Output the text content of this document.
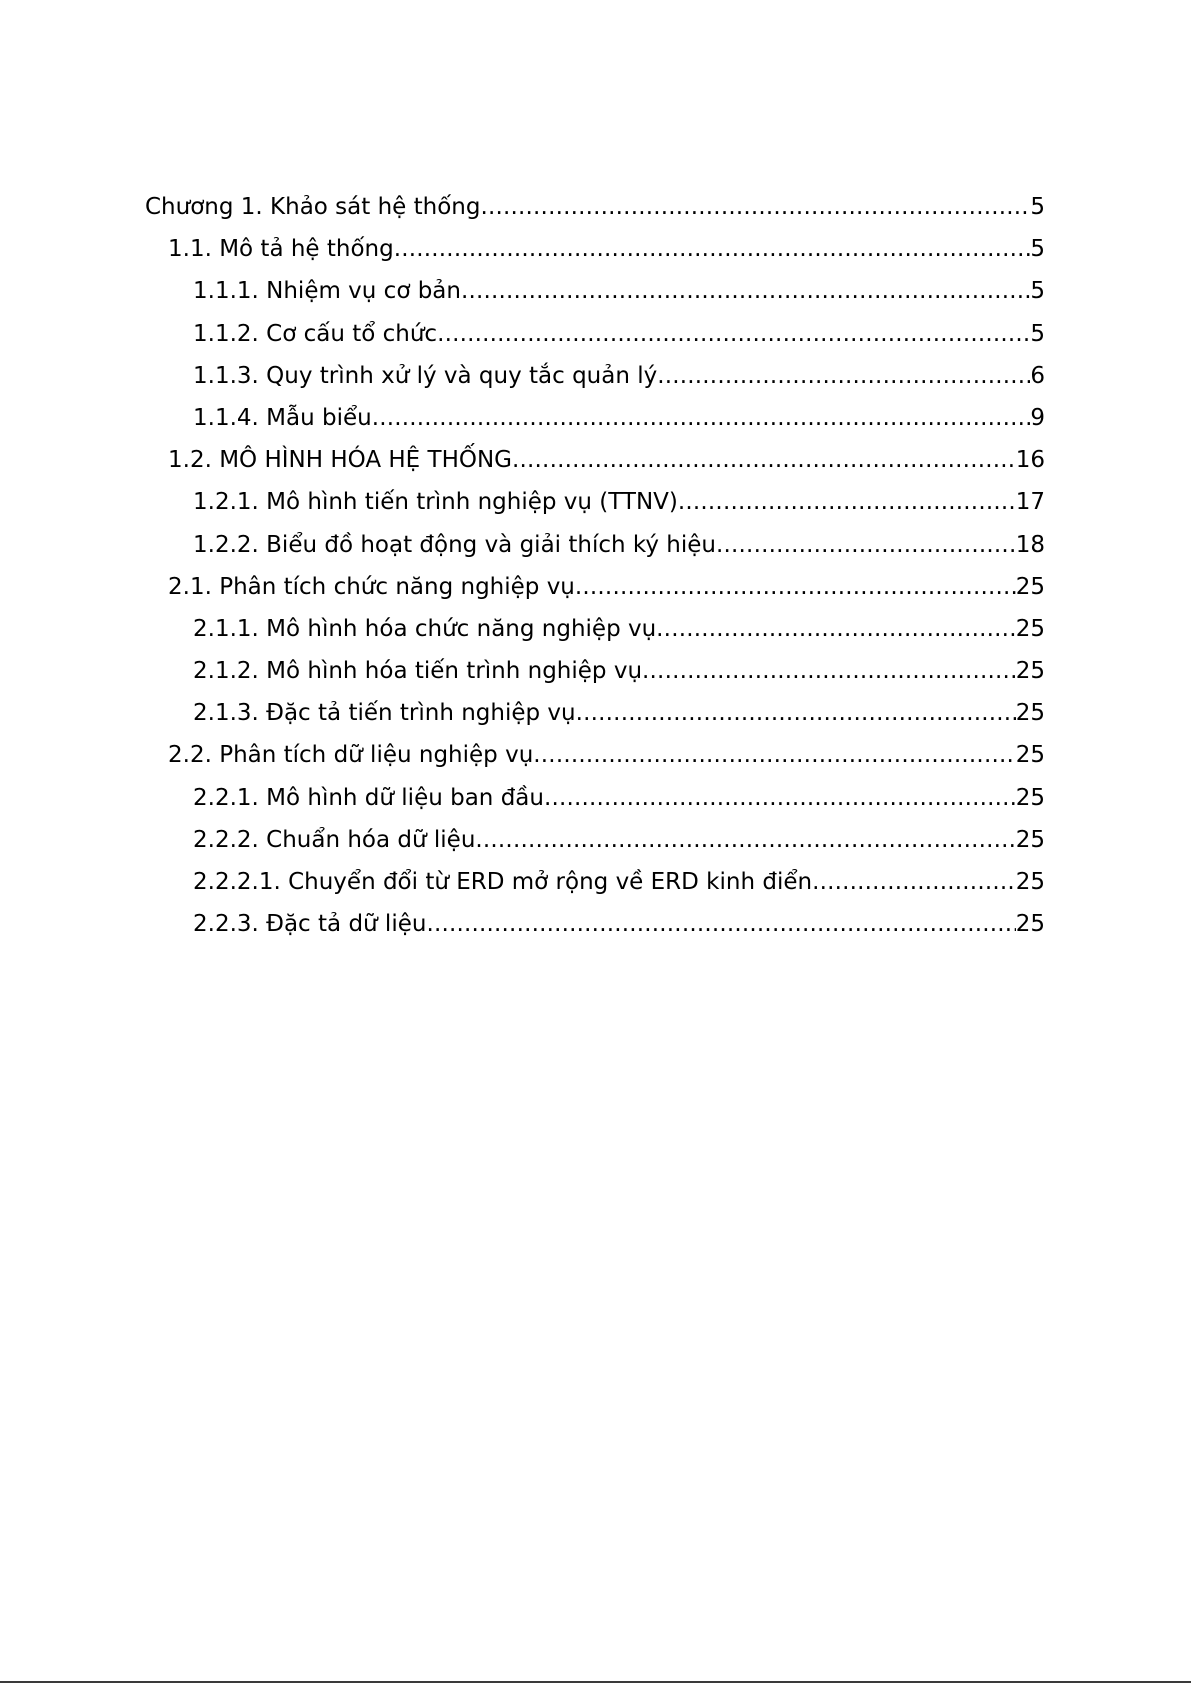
Chương 1. Khảo sát hệ thống .....	5
1.1. Mô tả hệ thống .....	5
1.1.1. Nhiệm vụ cơ bản .....	5
1.1.2. Cơ cấu tổ chức .....	5
1.1.3. Quy trình xử lý và quy tắc quản lý .....	6
1.1.4. Mẫu biểu .....	9
1.2. MÔ HÌNH HÓA HỆ THỐNG .....	16
1.2.1. Mô hình tiến trình nghiệp vụ (TTNV) .....	17
1.2.2. Biểu đồ hoạt động và giải thích ký hiệu .....	18
2.1. Phân tích chức năng nghiệp vụ .....	25
2.1.1. Mô hình hóa chức năng nghiệp vụ .....	25
2.1.2. Mô hình hóa tiến trình nghiệp vụ .....	25
2.1.3. Đặc tả tiến trình nghiệp vụ .....	25
2.2. Phân tích dữ liệu nghiệp vụ .....	25
2.2.1. Mô hình dữ liệu ban đầu .....	25
2.2.2. Chuẩn hóa dữ liệu .....	25
2.2.2.1. Chuyển đổi từ ERD mở rộng về ERD kinh điển .....	25
2.2.3. Đặc tả dữ liệu .....	25
